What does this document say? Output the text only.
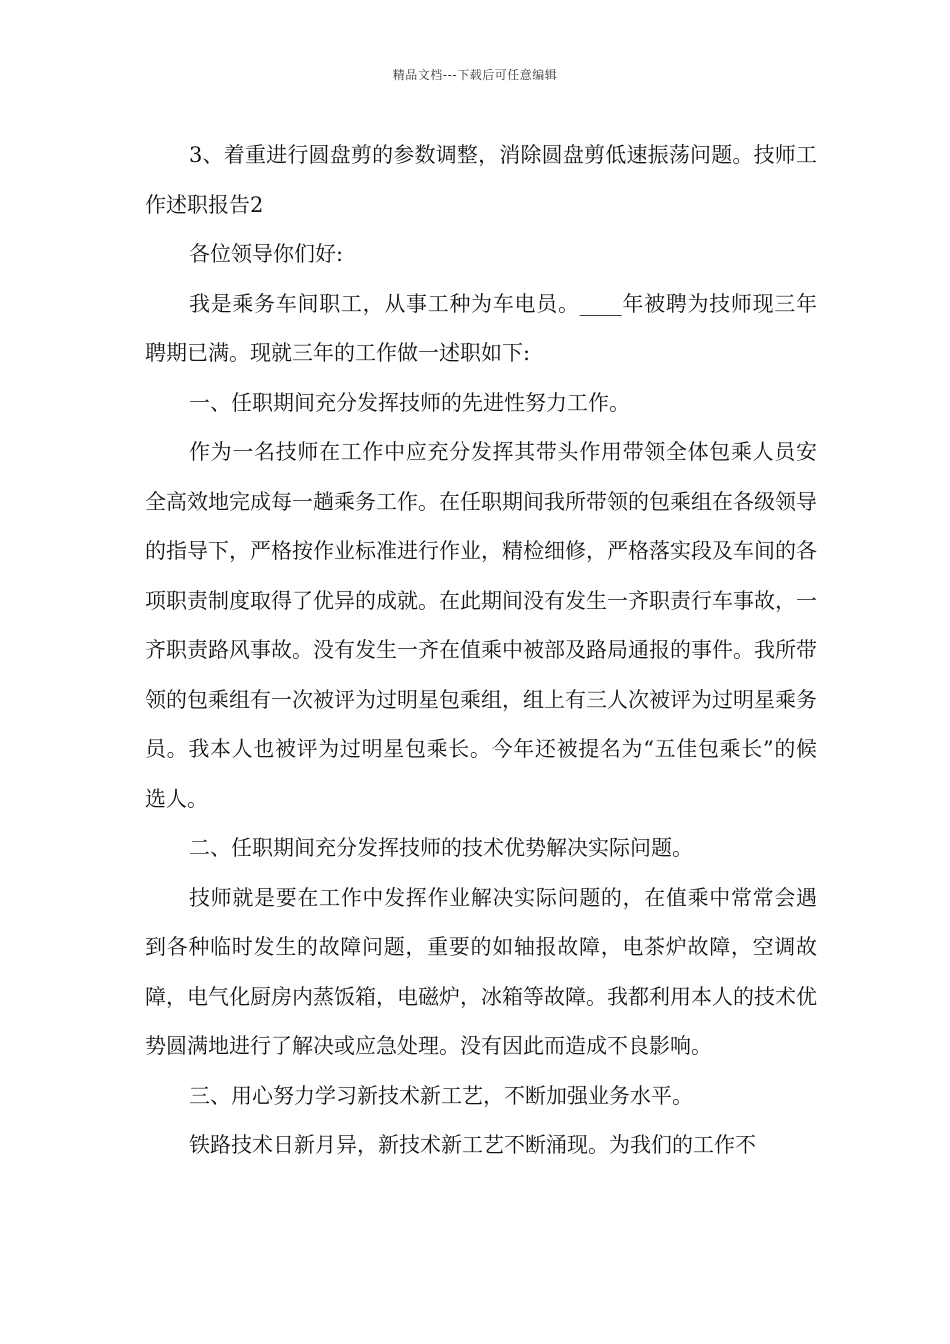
精品文档---下载后可任意编辑

3、着重进行圆盘剪的参数调整，消除圆盘剪低速振荡问题。技师工作述职报告2

各位领导你们好:

我是乘务车间职工，从事工种为车电员。____年被聘为技师现三年聘期已满。现就三年的工作做一述职如下:

一、任职期间充分发挥技师的先进性努力工作。

作为一名技师在工作中应充分发挥其带头作用带领全体包乘人员安全高效地完成每一趟乘务工作。在任职期间我所带领的包乘组在各级领导的指导下，严格按作业标准进行作业，精检细修，严格落实段及车间的各项职责制度取得了优异的成就。在此期间没有发生一齐职责行车事故，一齐职责路风事故。没有发生一齐在值乘中被部及路局通报的事件。我所带领的包乘组有一次被评为过明星包乘组，组上有三人次被评为过明星乘务员。我本人也被评为过明星包乘长。今年还被提名为“五佳包乘长”的候选人。

二、任职期间充分发挥技师的技术优势解决实际问题。

技师就是要在工作中发挥作业解决实际问题的，在值乘中常常会遇到各种临时发生的故障问题，重要的如轴报故障，电茶炉故障，空调故障，电气化厨房内蒸饭箱，电磁炉，冰箱等故障。我都利用本人的技术优势圆满地进行了解决或应急处理。没有因此而造成不良影响。

三、用心努力学习新技术新工艺，不断加强业务水平。

铁路技术日新月异，新技术新工艺不断涌现。为我们的工作不
